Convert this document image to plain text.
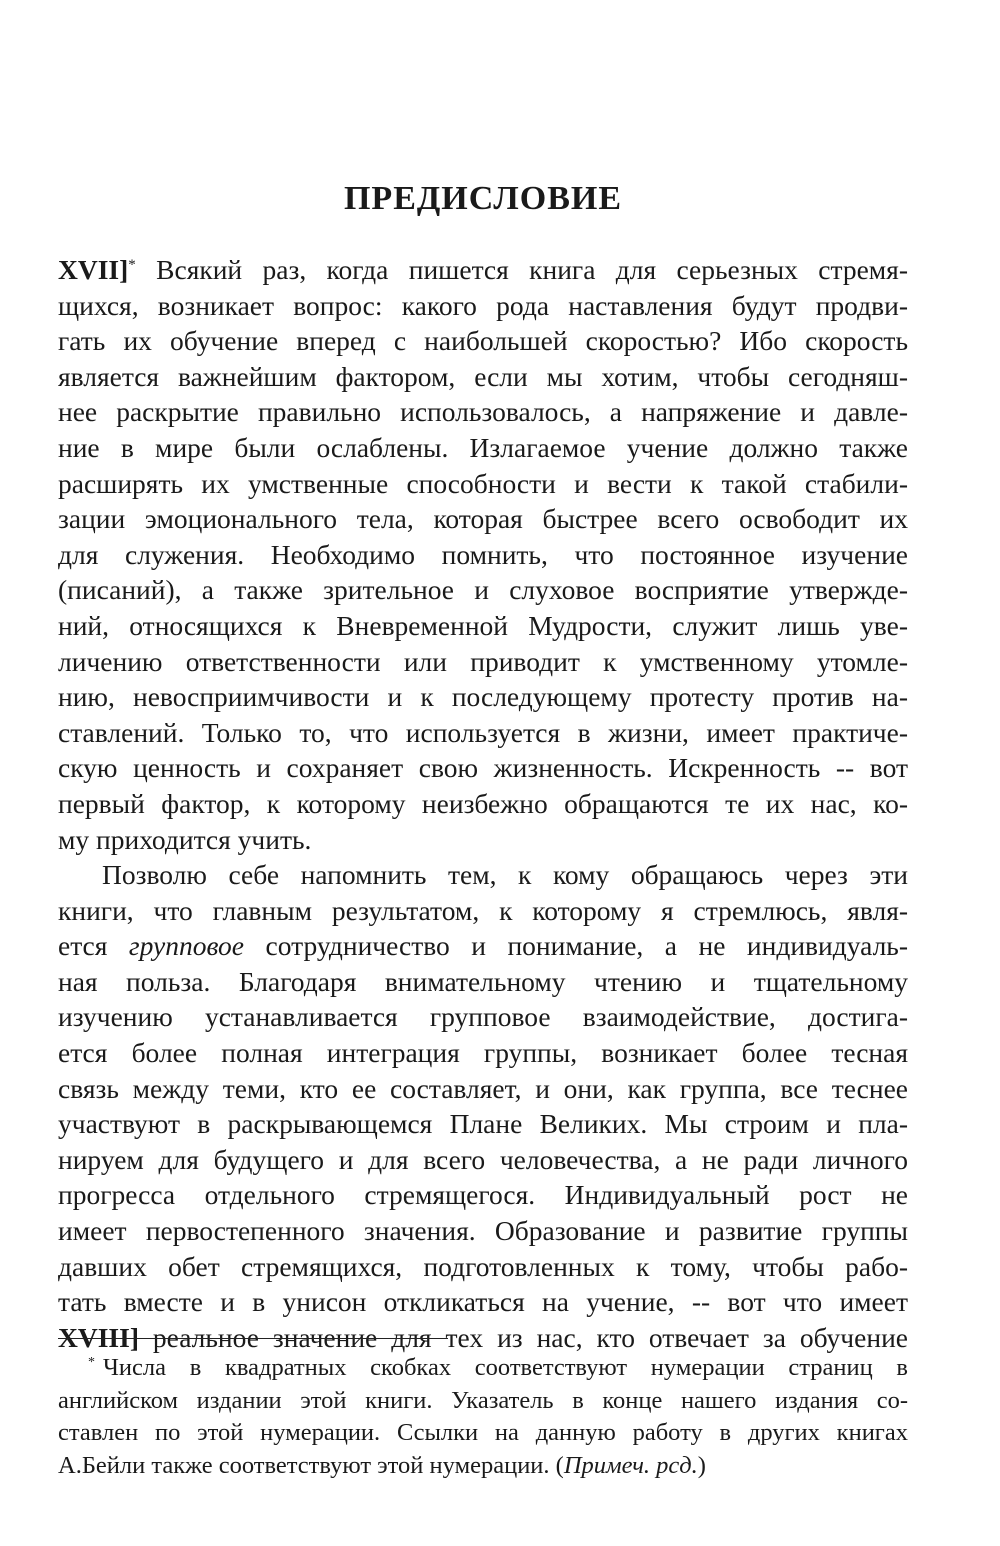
ПРЕДИСЛОВИЕ
XVII]* Всякий раз, когда пишется книга для серьезных стремя-
щихся, возникает вопрос: какого рода наставления будут продви-
гать их обучение вперед с наибольшей скоростью? Ибо скорость
является важнейшим фактором, если мы хотим, чтобы сегодняш-
нее раскрытие правильно использовалось, а напряжение и давле-
ние в мире были ослаблены. Излагаемое учение должно также
расширять их умственные способности и вести к такой стабили-
зации эмоционального тела, которая быстрее всего освободит их
для служения. Необходимо помнить, что постоянное изучение
(писаний), а также зрительное и слуховое восприятие утвержде-
ний, относящихся к Вневременной Мудрости, служит лишь уве-
личению ответственности или приводит к умственному утомле-
нию, невосприимчивости и к последующему протесту против на-
ставлений. Только то, что используется в жизни, имеет практиче-
скую ценность и сохраняет свою жизненность. Искренность -- вот
первый фактор, к которому неизбежно обращаются те их нас, ко-
му приходится учить.
Позволю себе напомнить тем, к кому обращаюсь через эти
книги, что главным результатом, к которому я стремлюсь, явля-
ется групповое сотрудничество и понимание, а не индивидуаль-
ная польза. Благодаря внимательному чтению и тщательному
изучению устанавливается групповое взаимодействие, достига-
ется более полная интеграция группы, возникает более тесная
связь между теми, кто ее составляет, и они, как группа, все теснее
участвуют в раскрывающемся Плане Великих. Мы строим и пла-
нируем для будущего и для всего человечества, а не ради личного
прогресса отдельного стремящегося. Индивидуальный рост не
имеет первостепенного значения. Образование и развитие группы
давших обет стремящихся, подготовленных к тому, чтобы рабо-
тать вместе и в унисон откликаться на учение, -- вот что имеет
XVIII] реальное значение для тех из нас, кто отвечает за обучение
* Числа в квадратных скобках соответствуют нумерации страниц в
английском издании этой книги. Указатель в конце нашего издания со-
ставлен по этой нумерации. Ссылки на данную работу в других книгах
А.Бейли также соответствуют этой нумерации. (Примеч. рсд.)
